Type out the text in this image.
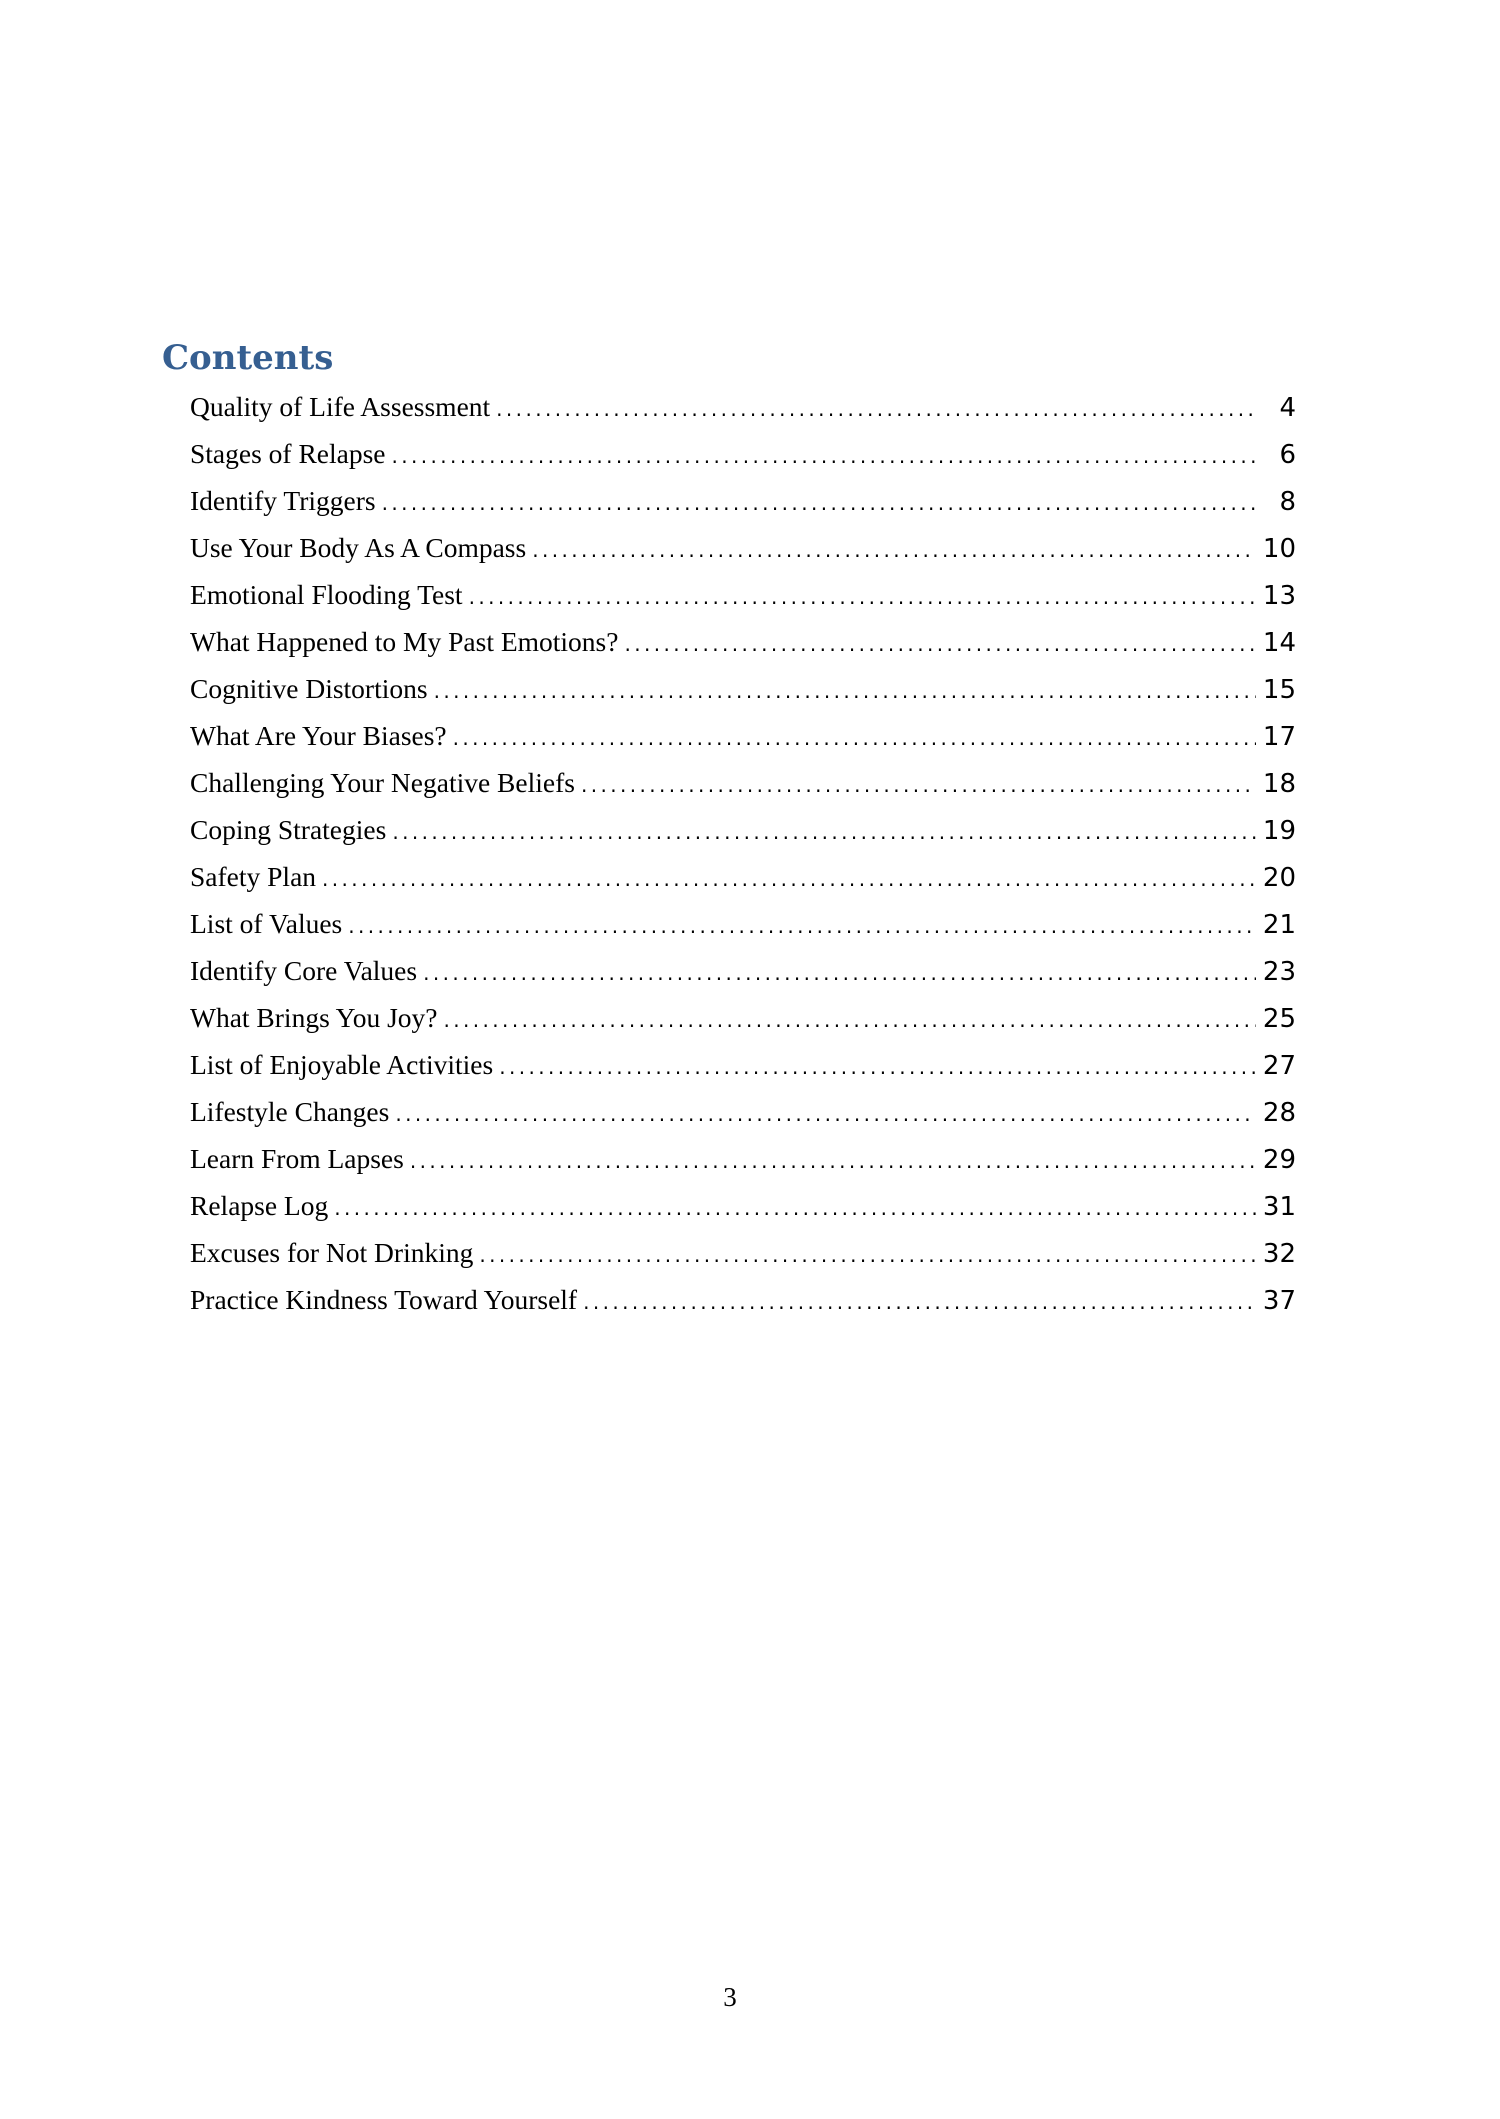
Contents
Quality of Life Assessment .....	4
Stages of Relapse .....	6
Identify Triggers .....	8
Use Your Body As A Compass .....	10
Emotional Flooding Test .....	13
What Happened to My Past Emotions? .....	14
Cognitive Distortions .....	15
What Are Your Biases? .....	17
Challenging Your Negative Beliefs .....	18
Coping Strategies .....	19
Safety Plan .....	20
List of Values .....	21
Identify Core Values .....	23
What Brings You Joy? .....	25
List of Enjoyable Activities .....	27
Lifestyle Changes .....	28
Learn From Lapses .....	29
Relapse Log .....	31
Excuses for Not Drinking .....	32
Practice Kindness Toward Yourself .....	37
3
